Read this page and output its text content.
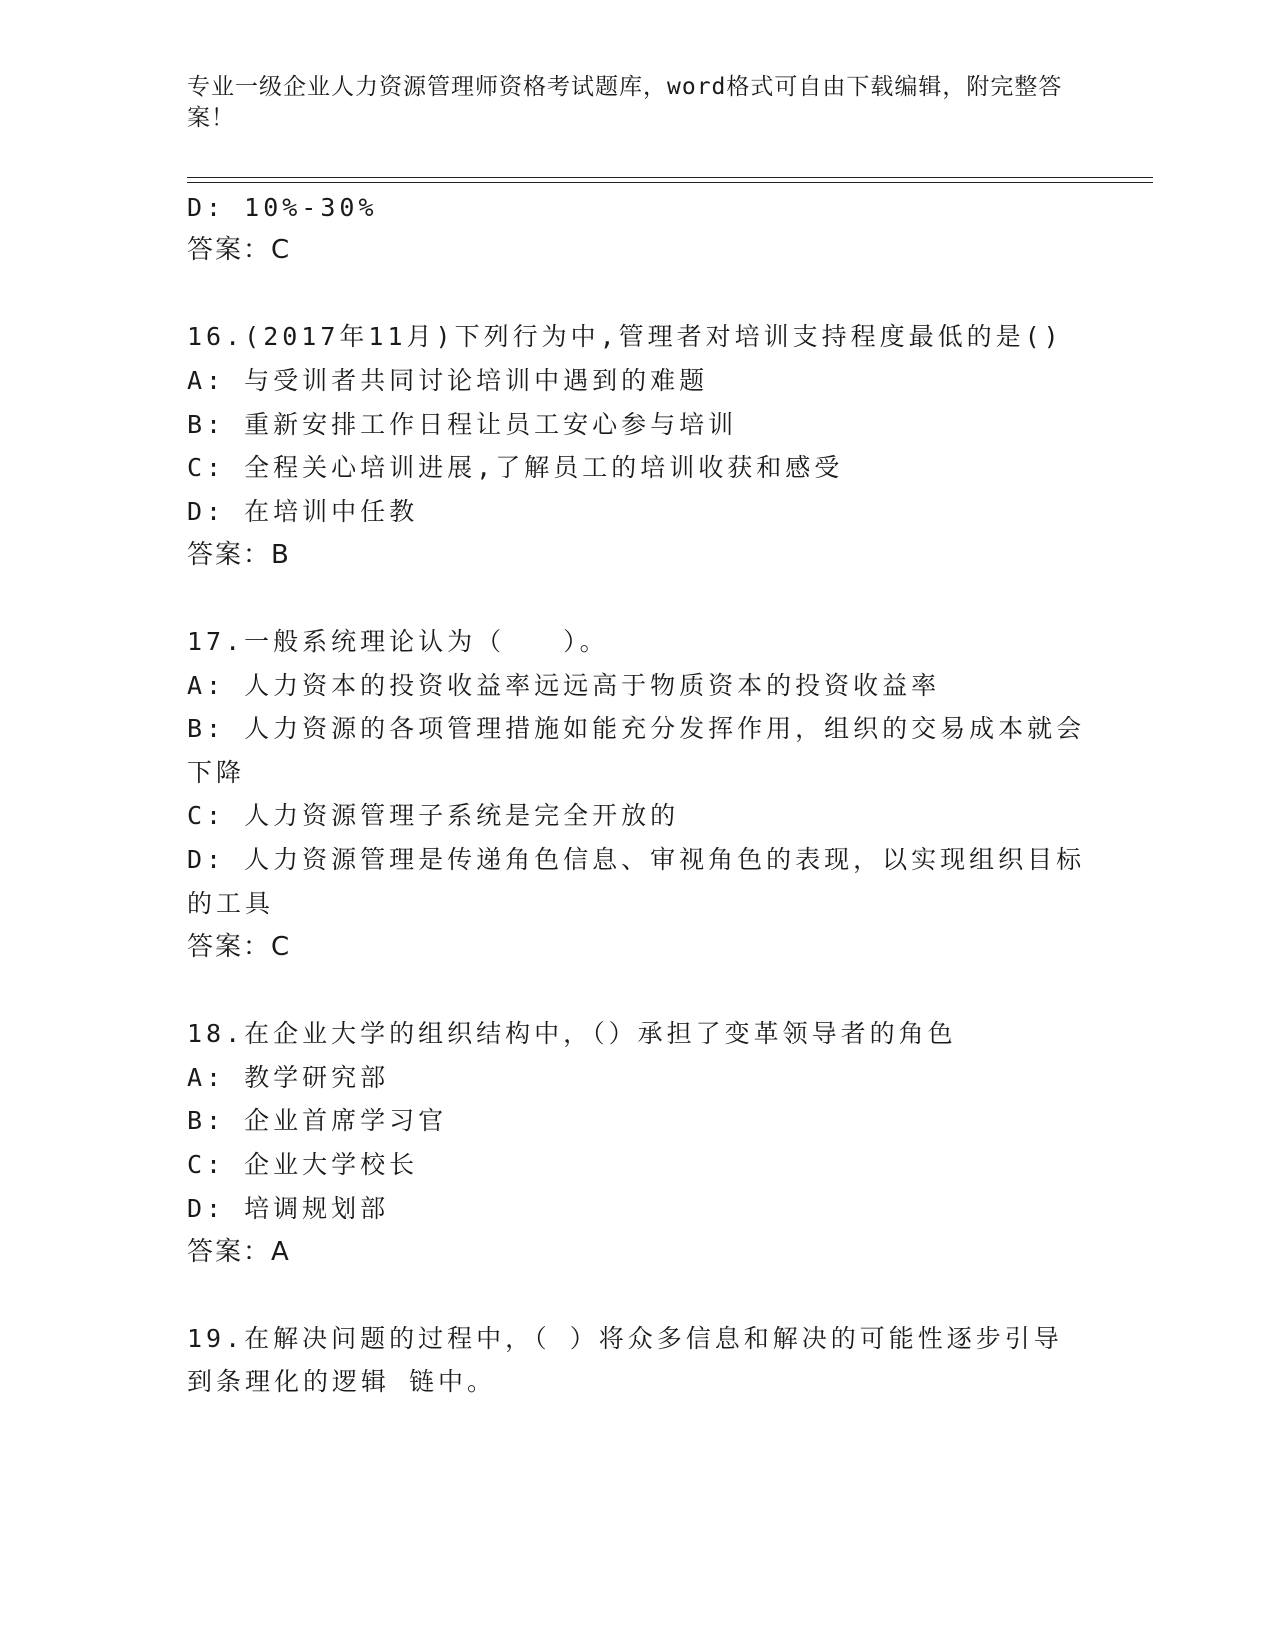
专业一级企业人力资源管理师资格考试题库，word格式可自由下载编辑，附完整答案！
D: 10%-30%
答案：C
16.(2017年11月)下列行为中,管理者对培训支持程度最低的是()
A: 与受训者共同讨论培训中遇到的难题
B: 重新安排工作日程让员工安心参与培训
C: 全程关心培训进展,了解员工的培训收获和感受
D: 在培训中任教
答案：B
17.一般系统理论认为（　　）。
A: 人力资本的投资收益率远远高于物质资本的投资收益率
B: 人力资源的各项管理措施如能充分发挥作用，组织的交易成本就会
下降
C: 人力资源管理子系统是完全开放的
D: 人力资源管理是传递角色信息、审视角色的表现，以实现组织目标
的工具
答案：C
18.在企业大学的组织结构中，（）承担了变革领导者的角色
A: 教学研究部
B: 企业首席学习官
C: 企业大学校长
D: 培调规划部
答案：A
19.在解决问题的过程中，（ ）将众多信息和解决的可能性逐步引导
到条理化的逻辑 链中。
